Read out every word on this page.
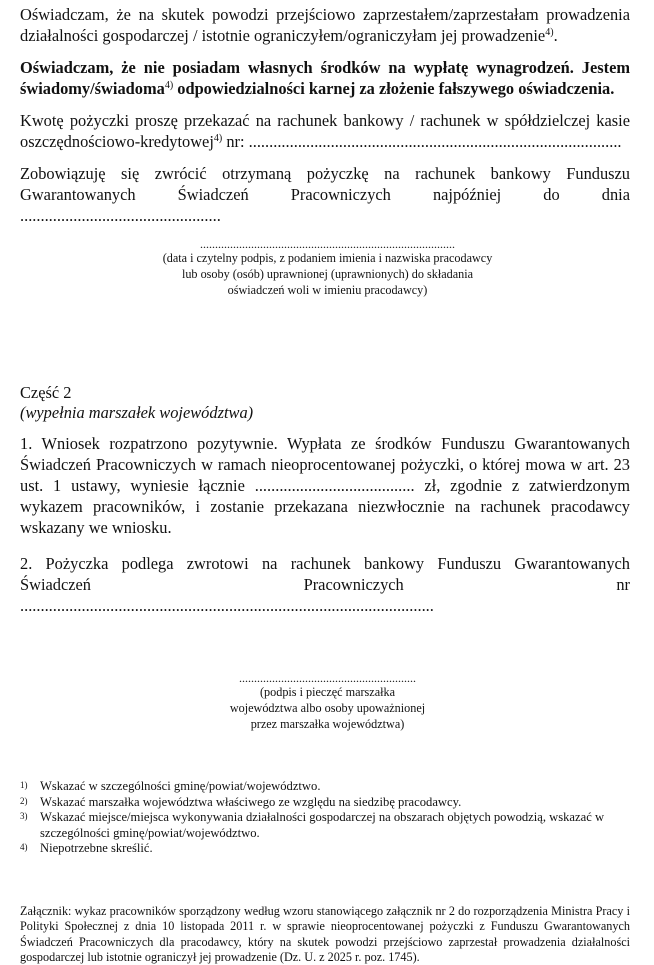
Oświadczam, że na skutek powodzi przejściowo zaprzestałem/zaprzestałam prowadzenia działalności gospodarczej / istotnie ograniczyłem/ograniczyłam jej prowadzenie$^{4)}$.

Oświadczam, że nie posiadam własnych środków na wypłatę wynagrodzeń. Jestem świadomy/świadoma$^{4)}$ odpowiedzialności karnej za złożenie fałszywego oświadczenia.

Kwotę pożyczki proszę przekazać na rachunek bankowy / rachunek w spółdzielczej kasie oszczędnościowo-kredytowej$^{4)}$ nr: ...........................................................................................

Zobowiązuję się zwrócić otrzymaną pożyczkę na rachunek bankowy Funduszu Gwarantowanych Świadczeń Pracowniczych najpóźniej do dnia .................................................

.....................................................................................
(data i czytelny podpis, z podaniem imienia i nazwiska pracodawcy
lub osoby (osób) uprawnionej (uprawnionych) do składania
oświadczeń woli w imieniu pracodawcy)
Część 2
(wypełnia marszałek województwa)

1. Wniosek rozpatrzono pozytywnie. Wypłata ze środków Funduszu Gwarantowanych Świadczeń Pracowniczych w ramach nieoprocentowanej pożyczki, o której mowa w art. 23 ust. 1 ustawy, wyniesie łącznie ....................................... zł, zgodnie z zatwierdzonym wykazem pracowników, i zostanie przekazana niezwłocznie na rachunek pracodawcy wskazany we wniosku.

2. Pożyczka podlega zwrotowi na rachunek bankowy Funduszu Gwarantowanych Świadczeń Pracowniczych nr .....................................................................................................

...........................................................
(podpis i pieczęć marszałka
województwa albo osoby upoważnionej
przez marszałka województwa)
1) Wskazać w szczególności gminę/powiat/województwo.
2) Wskazać marszałka województwa właściwego ze względu na siedzibę pracodawcy.
3) Wskazać miejsce/miejsca wykonywania działalności gospodarczej na obszarach objętych powodzią, wskazać w szczególności gminę/powiat/województwo.
4) Niepotrzebne skreślić.
Załącznik: wykaz pracowników sporządzony według wzoru stanowiącego załącznik nr 2 do rozporządzenia Ministra Pracy i Polityki Społecznej z dnia 10 listopada 2011 r. w sprawie nieoprocentowanej pożyczki z Funduszu Gwarantowanych Świadczeń Pracowniczych dla pracodawcy, który na skutek powodzi przejściowo zaprzestał prowadzenia działalności gospodarczej lub istotnie ograniczył jej prowadzenie (Dz. U. z 2025 r. poz. 1745).
